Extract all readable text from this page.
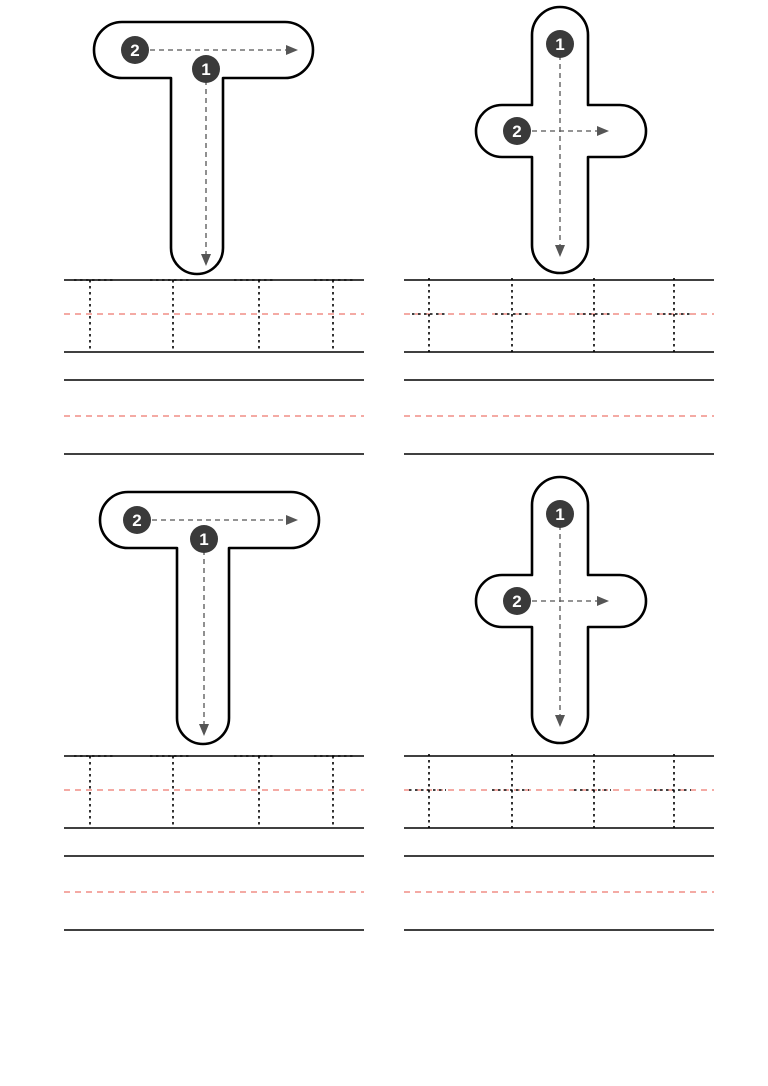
1
2	1
2
1
2	1
2
